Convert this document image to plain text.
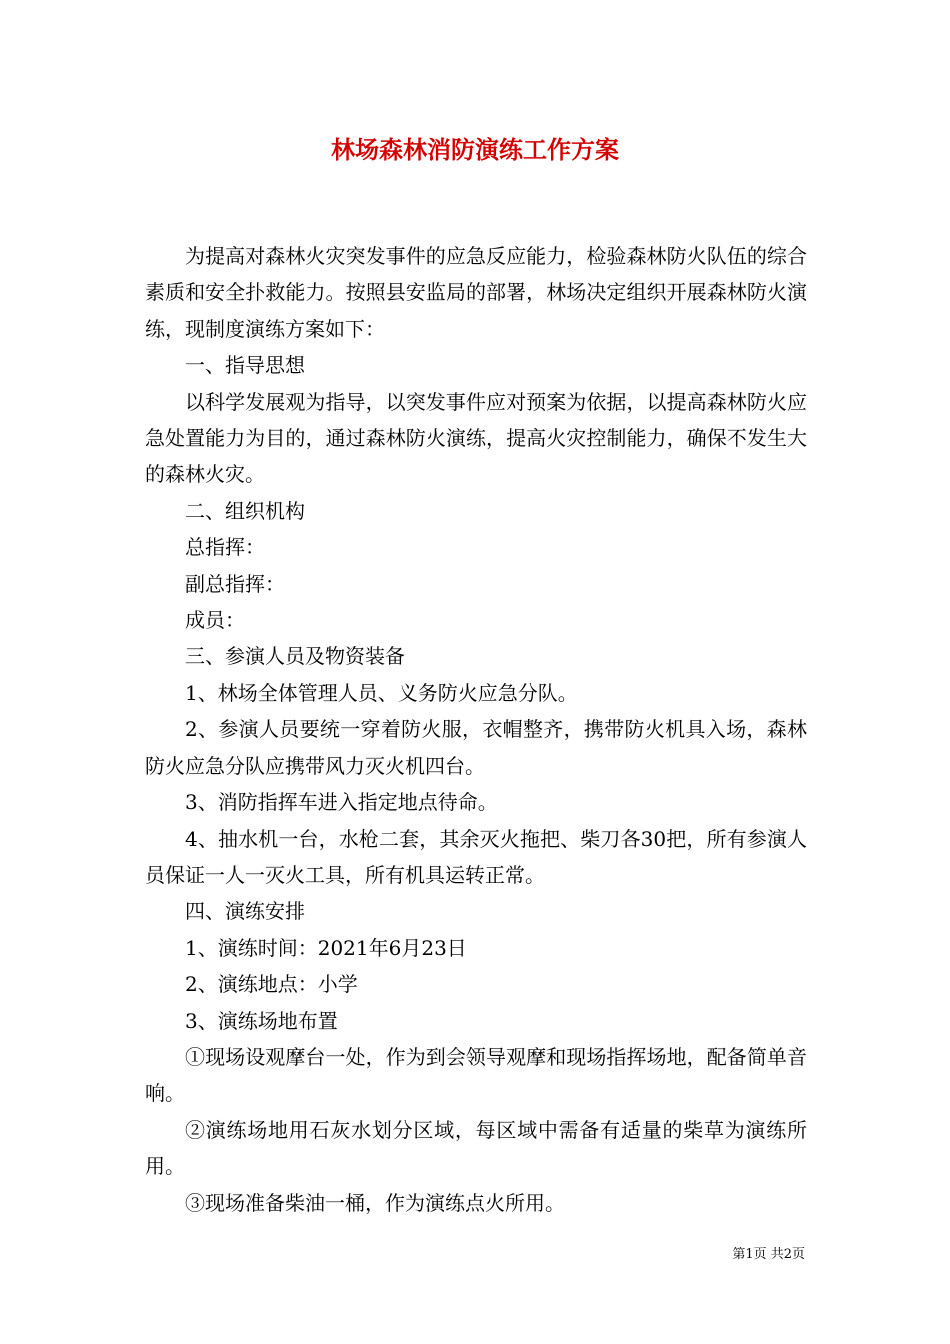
林场森林消防演练工作方案

为提高对森林火灾突发事件的应急反应能力，检验森林防火队伍的综合素质和安全扑救能力。按照县安监局的部署，林场决定组织开展森林防火演练，现制度演练方案如下：

一、指导思想

以科学发展观为指导，以突发事件应对预案为依据，以提高森林防火应急处置能力为目的，通过森林防火演练，提高火灾控制能力，确保不发生大的森林火灾。

二、组织机构

总指挥：

副总指挥：

成员：

三、参演人员及物资装备

1、林场全体管理人员、义务防火应急分队。

2、参演人员要统一穿着防火服，衣帽整齐，携带防火机具入场，森林防火应急分队应携带风力灭火机四台。

3、消防指挥车进入指定地点待命。

4、抽水机一台，水枪二套，其余灭火拖把、柴刀各30把，所有参演人员保证一人一灭火工具，所有机具运转正常。

四、演练安排

1、演练时间：2021年6月23日

2、演练地点：小学

3、演练场地布置

①现场设观摩台一处，作为到会领导观摩和现场指挥场地，配备简单音响。

②演练场地用石灰水划分区域，每区域中需备有适量的柴草为演练所用。

③现场准备柴油一桶，作为演练点火所用。

第1页 共2页
